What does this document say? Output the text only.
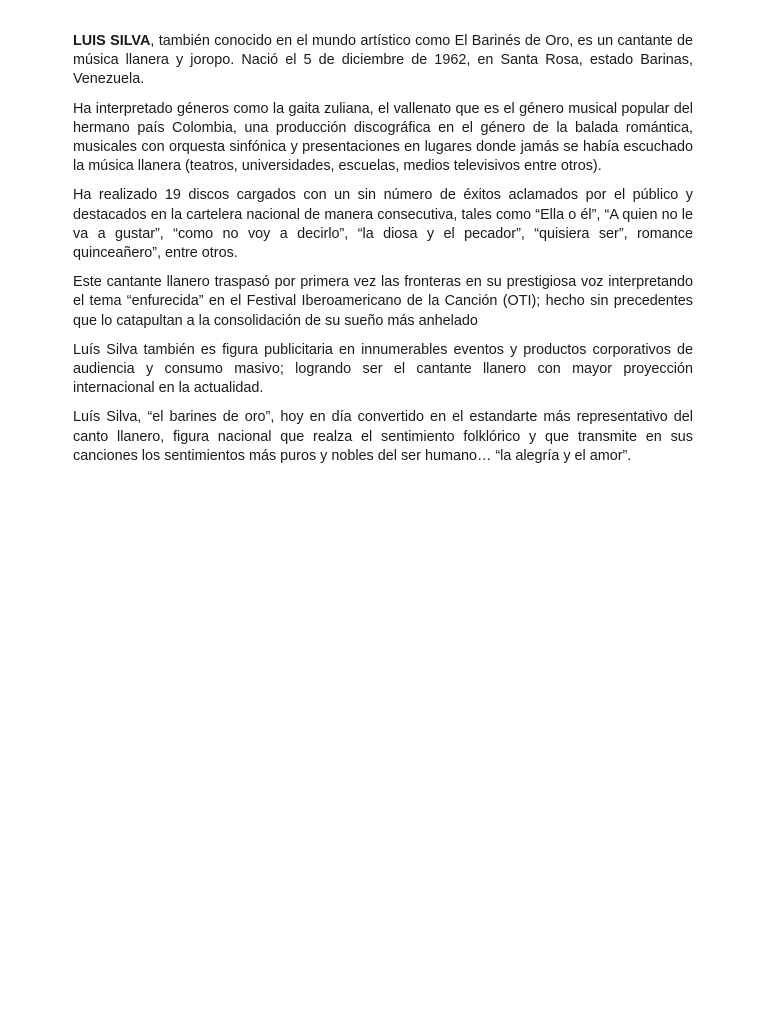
LUIS SILVA, también conocido en el mundo artístico como El Barinés de Oro, es un cantante de música llanera y joropo. Nació el 5 de diciembre de 1962, en Santa Rosa, estado Barinas, Venezuela.

Ha interpretado géneros como la gaita zuliana, el vallenato que es el género musical popular del hermano país Colombia, una producción discográfica en el género de la balada romántica, musicales con orquesta sinfónica y presentaciones en lugares donde jamás se había escuchado la música llanera (teatros, universidades, escuelas, medios televisivos entre otros).

Ha realizado 19 discos cargados con un sin número de éxitos aclamados por el público y destacados en la cartelera nacional de manera consecutiva, tales como “Ella o él”, “A quien no le va a gustar”, “como no voy a decirlo”, “la diosa y el pecador”, “quisiera ser”, romance quinceañero”, entre otros.

Este cantante llanero traspasó por primera vez las fronteras en su prestigiosa voz interpretando el tema “enfurecida” en el Festival Iberoamericano de la Canción (OTI); hecho sin precedentes que lo catapultan a la consolidación de su sueño más anhelado

Luís Silva también es figura publicitaria en innumerables eventos y productos corporativos de audiencia y consumo masivo; logrando ser el cantante llanero con mayor proyección internacional en la actualidad.

Luís Silva, “el barines de oro”, hoy en día convertido en el estandarte más representativo del canto llanero, figura nacional que realza el sentimiento folklórico y que transmite en sus canciones los sentimientos más puros y nobles del ser humano… “la alegría y el amor”.
